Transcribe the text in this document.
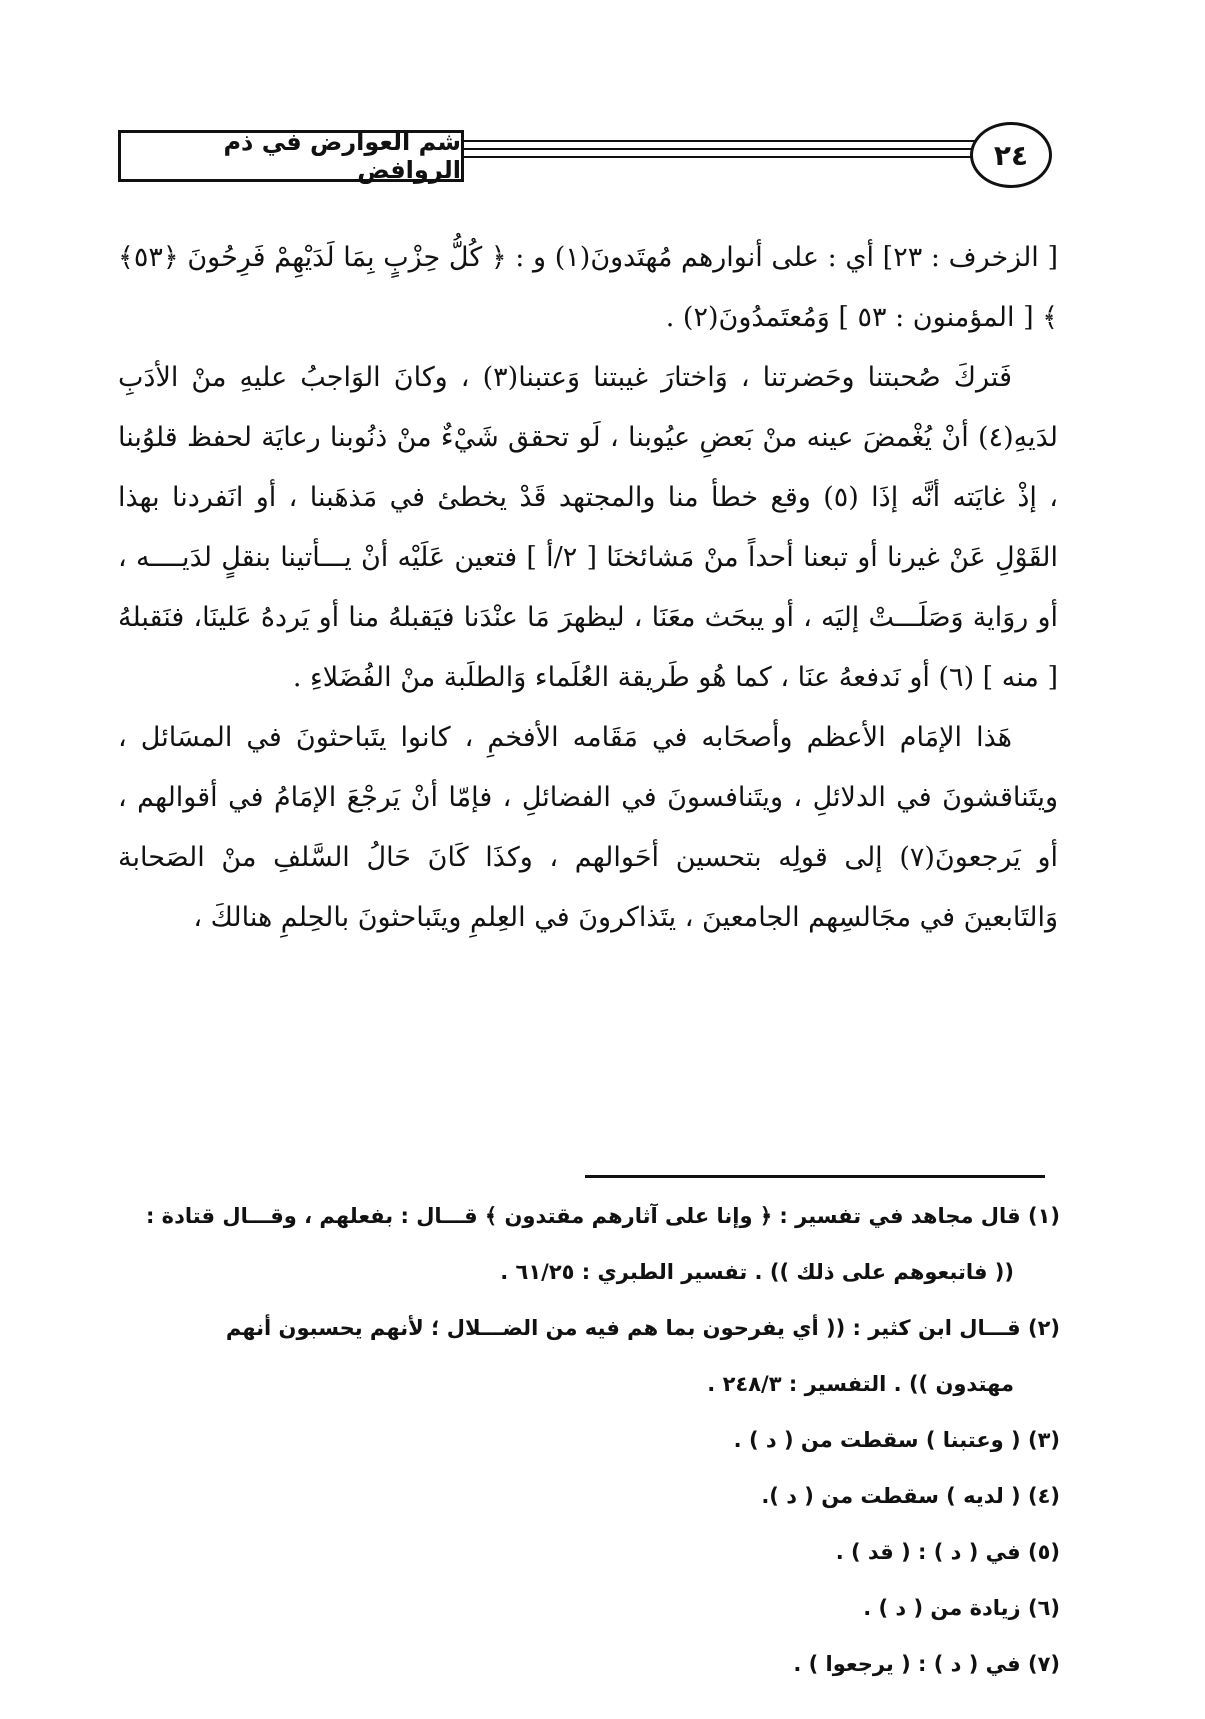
شم العوارض في ذم الروافض	٢٤

[ الزخرف : ٢٣] أي : على أنوارهم مُهتَدونَ(١) و : ﴿ كُلُّ حِزْبٍ بِمَا لَدَيْهِمْ فَرِحُونَ ﴿٥٣﴾ ﴾ [ المؤمنون : ٥٣ ] وَمُعتَمدُونَ(٢) .

فَتركَ صُحبتنا وحَضرتنا ، وَاختارَ غيبتنا وَعتبنا(٣) ، وكانَ الوَاجبُ عليهِ منْ الأدَبِ لدَيهِ(٤) أنْ يُغْمضَ عينه منْ بَعضِ عيُوبنا ، لَو تحقق شَيْءٌ منْ ذنُوبنا رعايَة لحفظ قلوُبنا ، إذْ غايَته أنَّه إذَا (٥) وقع خطأ منا والمجتهد قَدْ يخطئ في مَذهَبنا ، أو انَفردنا بهذا القَوْلِ عَنْ غيرنا أو تبعنا أحداً منْ مَشائخنَا [ ٢/أ ] فتعين عَلَيْه أنْ يـــأتينا بنقلٍ لدَيــــه ، أو روَاية وَصَلَـــتْ إليَه ، أو يبحَث معَنَا ، ليظهرَ مَا عنْدَنا فيَقبلهُ منا أو يَردهُ عَلينَا، فنَقبلهُ [ منه ] (٦) أو نَدفعهُ عنَا ، كما هُو طَريقة العُلَماء وَالطلَبة منْ الفُضَلاءِ .

هَذا الإمَام الأعظم وأصحَابه في مَقَامه الأفخمِ ، كانوا يتَباحثونَ في المسَائل ، ويتَناقشونَ في الدلائلِ ، ويتَنافسونَ في الفضائلِ ، فإمّا أنْ يَرجْعَ الإمَامُ في أقوالهم ، أو يَرجعونَ(٧) إلى قولِه بتحسين أحَوالهم ، وكذَا كَانَ حَالُ السَّلفِ منْ الصَحابة وَالتَابعينَ في مجَالسِهم الجامعينَ ، يتَذاكرونَ في العِلمِ ويتَباحثونَ بالحِلمِ هنالكَ ،

(١) قال مجاهد في تفسير : ﴿ وإنا على آثارهم مقتدون ﴾ قـــال : بفعلهم ، وقـــال قتادة :
(( فاتبعوهم على ذلك )) . تفسير الطبري : ٦١/٢٥ .
(٢) قـــال ابن كثير : (( أي يفرحون بما هم فيه من الضـــلال ؛ لأنهم يحسبون أنهم
مهتدون )) . التفسير : ٢٤٨/٣ .
(٣) ( وعتبنا ) سقطت من ( د ) .
(٤) ( لديه ) سقطت من ( د ).
(٥) في ( د ) : ( قد ) .
(٦) زيادة من ( د ) .
(٧) في ( د ) : ( يرجعوا ) .
